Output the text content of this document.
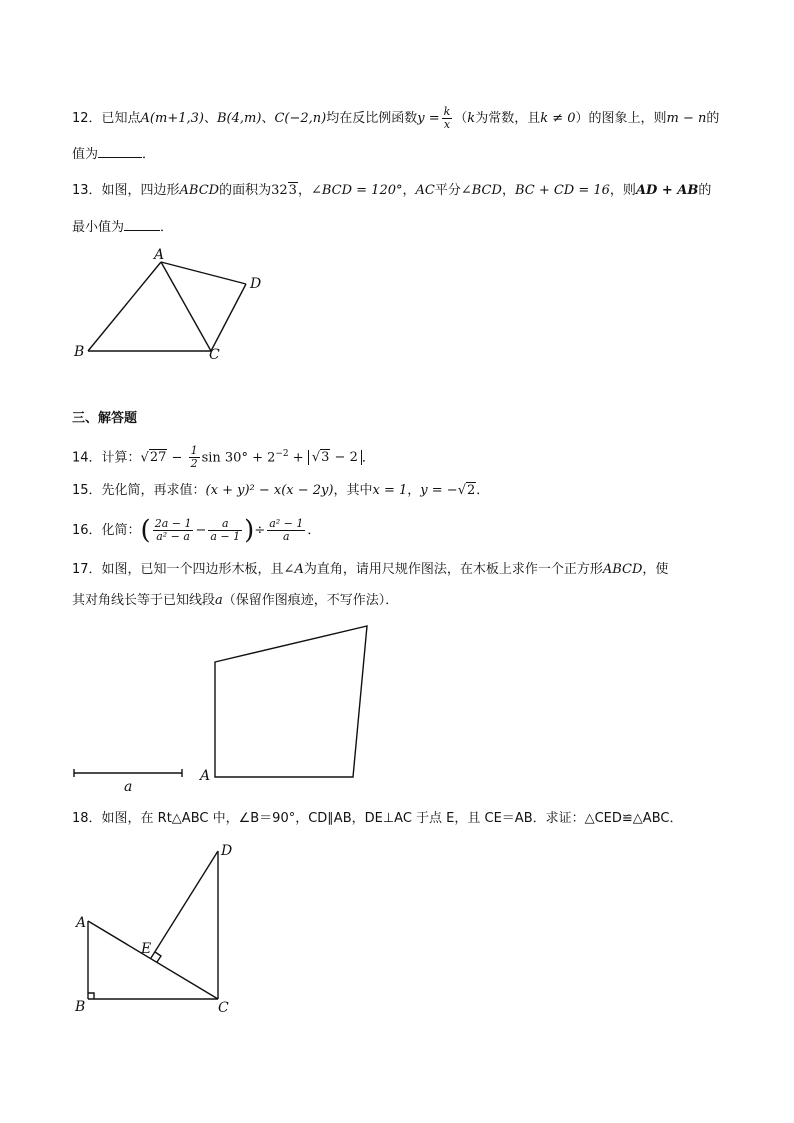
12．已知点A(m+1,3)、B(4,m)、C(−2,n)均在反比例函数$y = \frac{k}{x} (k$为常数，且k ≠ 0）的图象上，则m − n的
值为	．
13．如图，四边形ABCD的面积为323，∠BCD = 120°，AC平分∠BCD，BC + CD = 16，则AD + AB的
最小值为	．
A
B	C
D
三、解答题
14．计算：$√27 - \frac{1}{2}$ $\sin 30^\circ + 2^{-2} + √3 - 2$ ．
15．先化简，再求值：(x + y)² − x(x − 2y)，其中x = 1，y = −√2．
16．化简：( $\frac{2a - 1}{\text{a² − a}} - \frac{a}{a - 1}$ )÷ $\frac{\text{a² − 1}}{a}$ ．
17．如图，已知一个四边形木板，且∠A为直角，请用尺规作图法，在木板上求作一个正方形ABCD，使
其对角线长等于已知线段a（保留作图痕迹，不写作法）．
A
a
18．如图，在 Rt△ABC 中，∠B＝90°，CD∥AB，DE⊥AC 于点 E，且 CE＝AB．求证：△CED≌△ABC．
A
B	C
D
E
